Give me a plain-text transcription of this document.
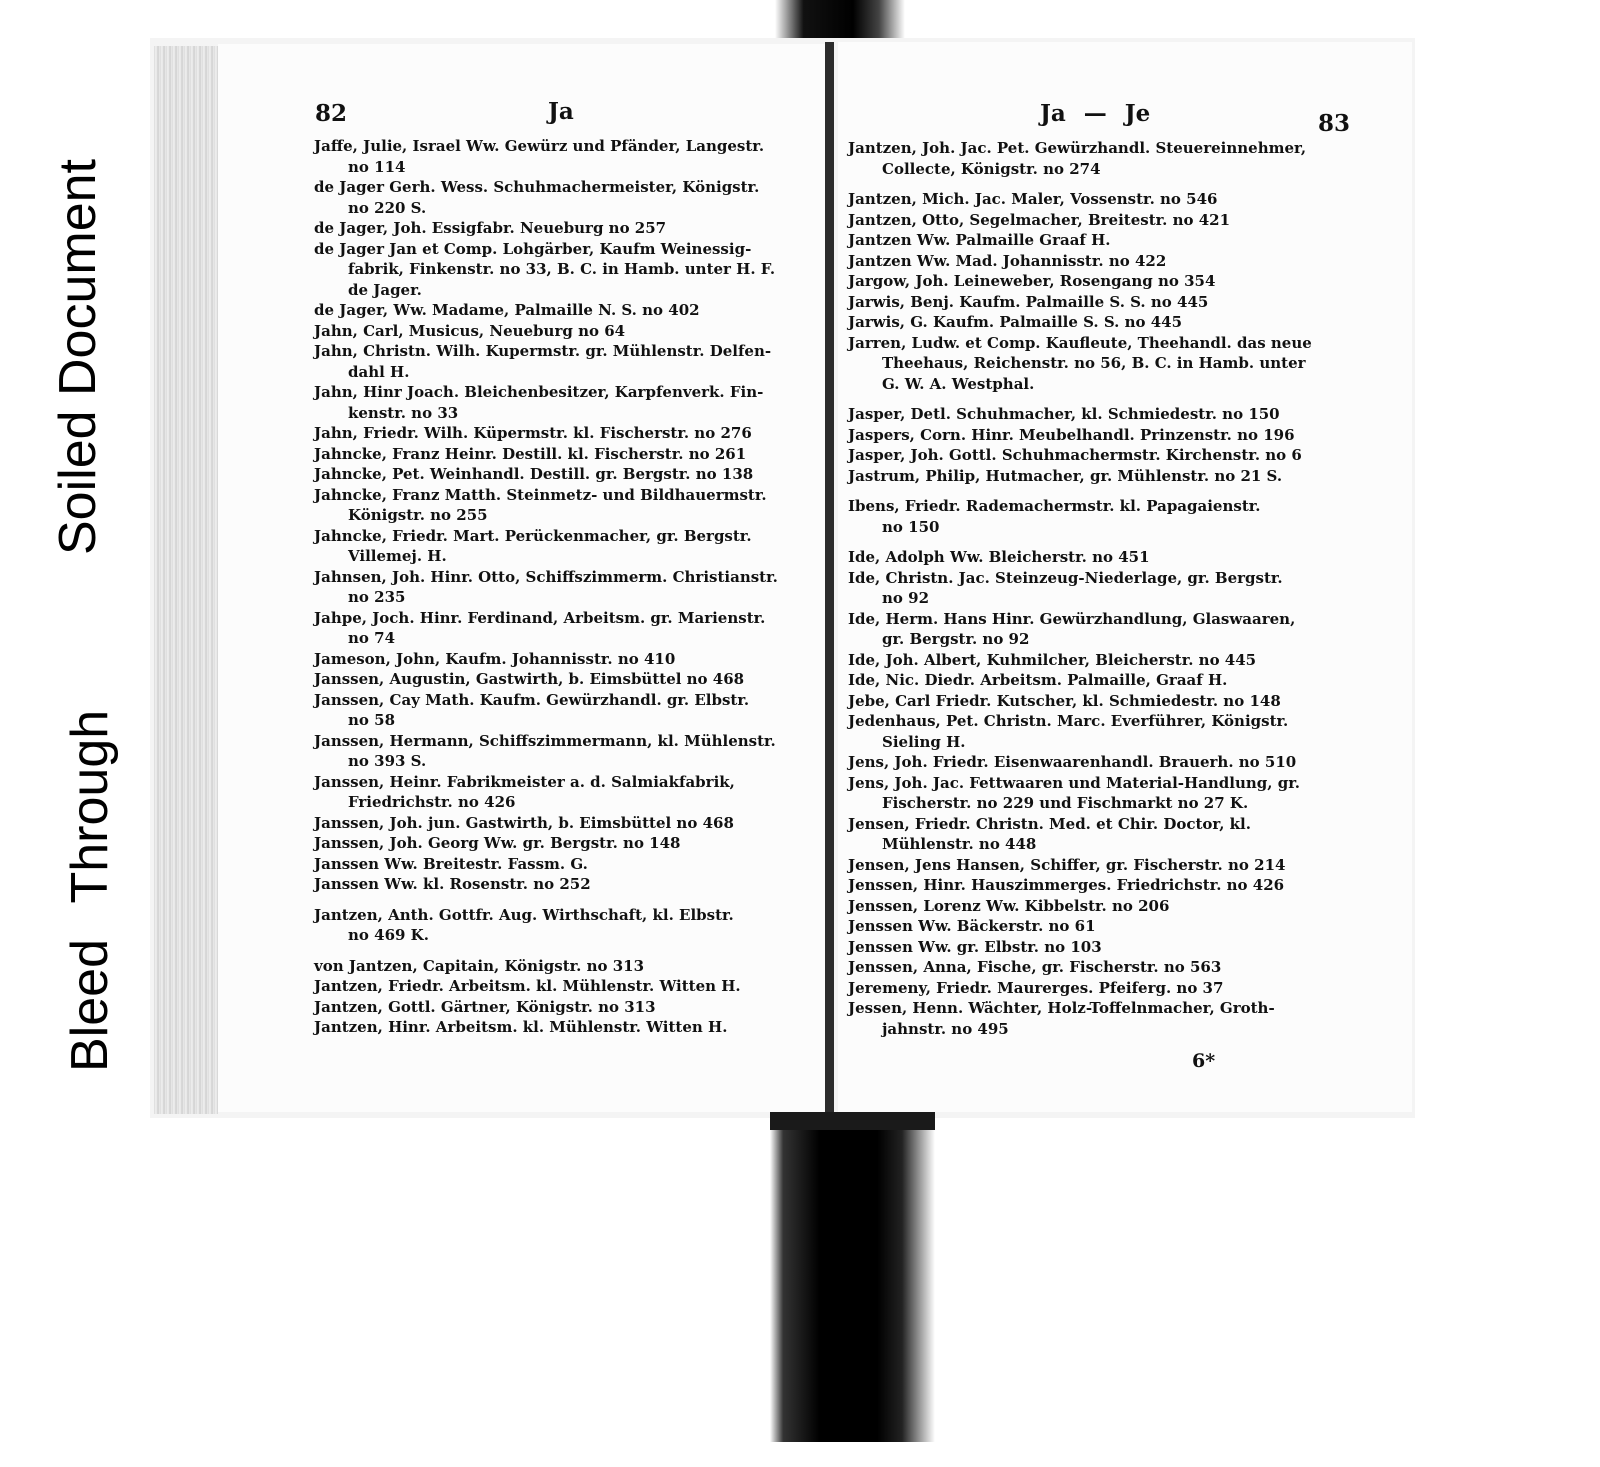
Soiled Document
Bleed Through
82	Ja	Ja — Je	83
Jaffe, Julie, Israel Ww. Gewürz und Pfänder, Langestr.

no 114
de Jager Gerh. Wess. Schuhmachermeister, Königstr.

no 220 S.
de Jager, Joh. Essigfabr. Neueburg no 257
de Jager Jan et Comp. Lohgärber, Kaufm Weinessig-

fabrik, Finkenstr. no 33, B. C. in Hamb. unter H. F.
de Jager.
de Jager, Ww. Madame, Palmaille N. S. no 402
Jahn, Carl, Musicus, Neueburg no 64
Jahn, Christn. Wilh. Kupermstr. gr. Mühlenstr. Delfen-

dahl H.
Jahn, Hinr Joach. Bleichenbesitzer, Karpfenverk. Fin-

kenstr. no 33
Jahn, Friedr. Wilh. Küpermstr. kl. Fischerstr. no 276
Jahncke, Franz Heinr. Destill. kl. Fischerstr. no 261
Jahncke, Pet. Weinhandl. Destill. gr. Bergstr. no 138
Jahncke, Franz Matth. Steinmetz- und Bildhauermstr.

Königstr. no 255
Jahncke, Friedr. Mart. Perückenmacher, gr. Bergstr.

Villemej. H.
Jahnsen, Joh. Hinr. Otto, Schiffszimmerm. Christianstr.

no 235
Jahpe, Joch. Hinr. Ferdinand, Arbeitsm. gr. Marienstr.

no 74
Jameson, John, Kaufm. Johannisstr. no 410
Janssen, Augustin, Gastwirth, b. Eimsbüttel no 468
Janssen, Cay Math. Kaufm. Gewürzhandl. gr. Elbstr.

no 58
Janssen, Hermann, Schiffszimmermann, kl. Mühlenstr.

no 393 S.
Janssen, Heinr. Fabrikmeister a. d. Salmiakfabrik,

Friedrichstr. no 426
Janssen, Joh. jun. Gastwirth, b. Eimsbüttel no 468
Janssen, Joh. Georg Ww. gr. Bergstr. no 148
Janssen Ww. Breitestr. Fassm. G.
Janssen Ww. kl. Rosenstr. no 252
Jantzen, Anth. Gottfr. Aug. Wirthschaft, kl. Elbstr.

no 469 K.
von Jantzen, Capitain, Königstr. no 313
Jantzen, Friedr. Arbeitsm. kl. Mühlenstr. Witten H.
Jantzen, Gottl. Gärtner, Königstr. no 313
Jantzen, Hinr. Arbeitsm. kl. Mühlenstr. Witten H.
Jantzen, Joh. Jac. Pet. Gewürzhandl. Steuereinnehmer,

Collecte, Königstr. no 274
Jantzen, Mich. Jac. Maler, Vossenstr. no 546
Jantzen, Otto, Segelmacher, Breitestr. no 421
Jantzen Ww. Palmaille Graaf H.
Jantzen Ww. Mad. Johannisstr. no 422
Jargow, Joh. Leineweber, Rosengang no 354
Jarwis, Benj. Kaufm. Palmaille S. S. no 445
Jarwis, G. Kaufm. Palmaille S. S. no 445
Jarren, Ludw. et Comp. Kaufleute, Theehandl. das neue

Theehaus, Reichenstr. no 56, B. C. in Hamb. unter
G. W. A. Westphal.
Jasper, Detl. Schuhmacher, kl. Schmiedestr. no 150
Jaspers, Corn. Hinr. Meubelhandl. Prinzenstr. no 196
Jasper, Joh. Gottl. Schuhmachermstr. Kirchenstr. no 6
Jastrum, Philip, Hutmacher, gr. Mühlenstr. no 21 S.
Ibens, Friedr. Rademachermstr. kl. Papagaienstr.

no 150
Ide, Adolph Ww. Bleicherstr. no 451
Ide, Christn. Jac. Steinzeug-Niederlage, gr. Bergstr.

no 92
Ide, Herm. Hans Hinr. Gewürzhandlung, Glaswaaren,

gr. Bergstr. no 92
Ide, Joh. Albert, Kuhmilcher, Bleicherstr. no 445
Ide, Nic. Diedr. Arbeitsm. Palmaille, Graaf H.
Jebe, Carl Friedr. Kutscher, kl. Schmiedestr. no 148
Jedenhaus, Pet. Christn. Marc. Everführer, Königstr.

Sieling H.
Jens, Joh. Friedr. Eisenwaarenhandl. Brauerh. no 510
Jens, Joh. Jac. Fettwaaren und Material-Handlung, gr.

Fischerstr. no 229 und Fischmarkt no 27 K.
Jensen, Friedr. Christn. Med. et Chir. Doctor, kl.

Mühlenstr. no 448
Jensen, Jens Hansen, Schiffer, gr. Fischerstr. no 214
Jenssen, Hinr. Hauszimmerges. Friedrichstr. no 426
Jenssen, Lorenz Ww. Kibbelstr. no 206
Jenssen Ww. Bäckerstr. no 61
Jenssen Ww. gr. Elbstr. no 103
Jenssen, Anna, Fische, gr. Fischerstr. no 563
Jeremeny, Friedr. Maurerges. Pfeiferg. no 37
Jessen, Henn. Wächter, Holz-Toffelnmacher, Groth-

jahnstr. no 495
6*
